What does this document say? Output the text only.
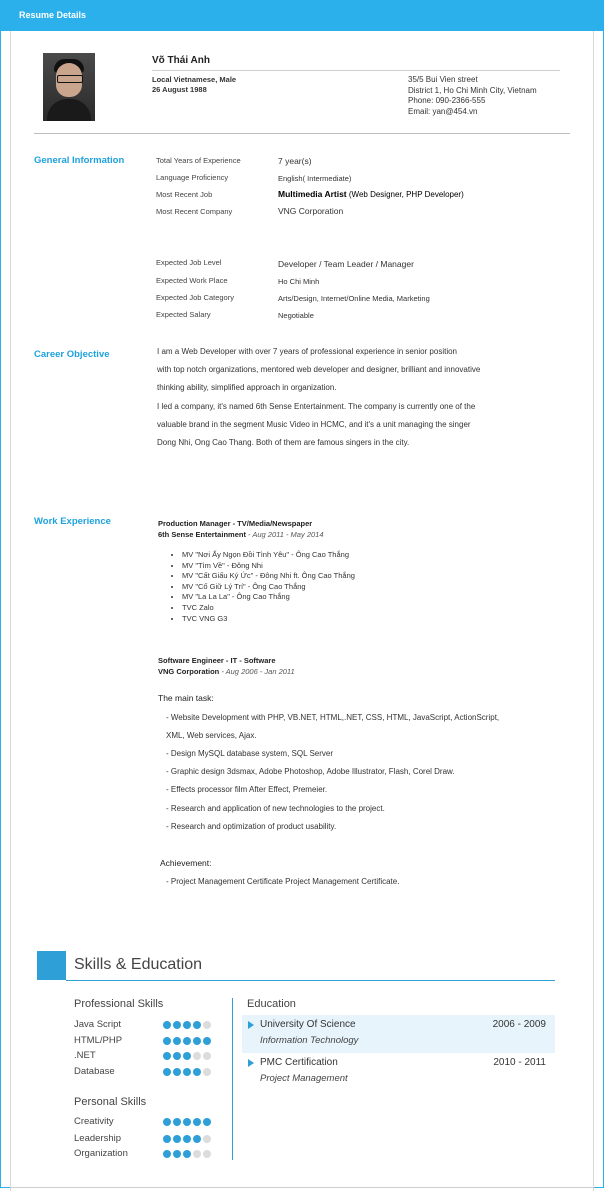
Resume Details
Võ Thái Anh
Local Vietnamese, Male
26 August 1988
35/5 Bui Vien street
District 1, Ho Chi Minh City, Vietnam
Phone: 090-2366-555
Email: yan@454.vn
General Information	Total Years of Experience	7 year(s)
Language Proficiency	English( Intermediate)
Most Recent Job	Multimedia Artist (Web Designer, PHP Developer)
Most Recent Company	VNG Corporation
Expected Job Level	Developer / Team Leader / Manager
Expected Work Place	Ho Chi Minh
Expected Job Category	Arts/Design, Internet/Online Media, Marketing
Expected Salary	Negotiable
Career Objective	I am a Web Developer with over 7 years of professional experience in senior position
with top notch organizations, mentored web developer and designer, brilliant and innovative
thinking ability, simplified approach in organization.
I led a company, it's named 6th Sense Entertainment. The company is currently one of the
valuable brand in the segment Music Video in HCMC, and it's a unit managing the singer
Dong Nhi, Ong Cao Thang. Both of them are famous singers in the city.
Work Experience	Production Manager - TV/Media/Newspaper
6th Sense Entertainment - Aug 2011 - May 2014
• MV "Nơi Ấy Ngọn Đồi Tình Yêu" - Ông Cao Thắng
• MV "Tìm Về" - Đông Nhi
• MV "Cất Giấu Ký Ức" - Đông Nhi ft. Ông Cao Thắng
• MV "Cố Giữ Lý Trí" - Ông Cao Thắng
• MV "La La La" - Ông Cao Thắng
• TVC Zalo
• TVC VNG G3
Software Engineer - IT - Software
VNG Corporation - Aug 2006 - Jan 2011
The main task:
- Website Development with PHP, VB.NET, HTML,.NET, CSS, HTML, JavaScript, ActionScript,
XML, Web services, Ajax.
- Design MySQL database system, SQL Server
- Graphic design 3dsmax, Adobe Photoshop, Adobe Illustrator, Flash, Corel Draw.
- Effects processor film After Effect, Premeier.
- Research and application of new technologies to the project.
- Research and optimization of product usability.
Achievement:
- Project Management Certificate Project Management Certificate.
Skills & Education
Professional Skills
Java Script
HTML/PHP
.NET
Database
Personal Skills
Creativity
Leadership
Organization
Education
University Of Science	2006 - 2009
Information Technology
PMC Certification	2010 - 2011
Project Management
